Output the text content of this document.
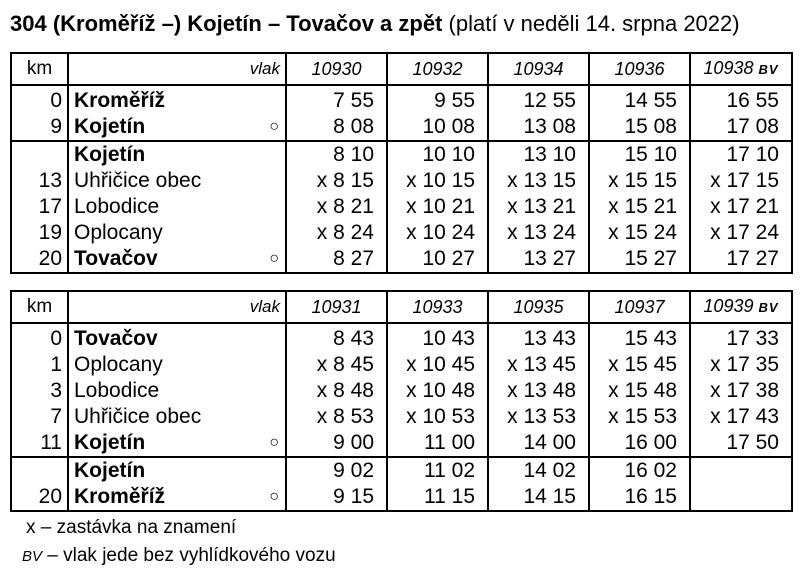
304 (Kroměříž –) Kojetín – Tovačov a zpět (platí v neděli 14. srpna 2022)
km	vlak	10930	10932	10934	10936	10938 BV
0	Kroměříž	7 55	9 55	12 55	14 55	16 55
9	Kojetín ○	8 08	10 08	13 08	15 08	17 08
	Kojetín	8 10	10 10	13 10	15 10	17 10
13	Uhřičice obec	x 8 15	x 10 15	x 13 15	x 15 15	x 17 15
17	Lobodice	x 8 21	x 10 21	x 13 21	x 15 21	x 17 21
19	Oplocany	x 8 24	x 10 24	x 13 24	x 15 24	x 17 24
20	Tovačov ○	8 27	10 27	13 27	15 27	17 27
km	vlak	10931	10933	10935	10937	10939 BV
0	Tovačov	8 43	10 43	13 43	15 43	17 33
1	Oplocany	x 8 45	x 10 45	x 13 45	x 15 45	x 17 35
3	Lobodice	x 8 48	x 10 48	x 13 48	x 15 48	x 17 38
7	Uhřičice obec	x 8 53	x 10 53	x 13 53	x 15 53	x 17 43
11	Kojetín ○	9 00	11 00	14 00	16 00	17 50
	Kojetín	9 02	11 02	14 02	16 02	
20	Kroměříž ○	9 15	11 15	14 15	16 15	
x – zastávka na znamení
BV – vlak jede bez vyhlídkového vozu
